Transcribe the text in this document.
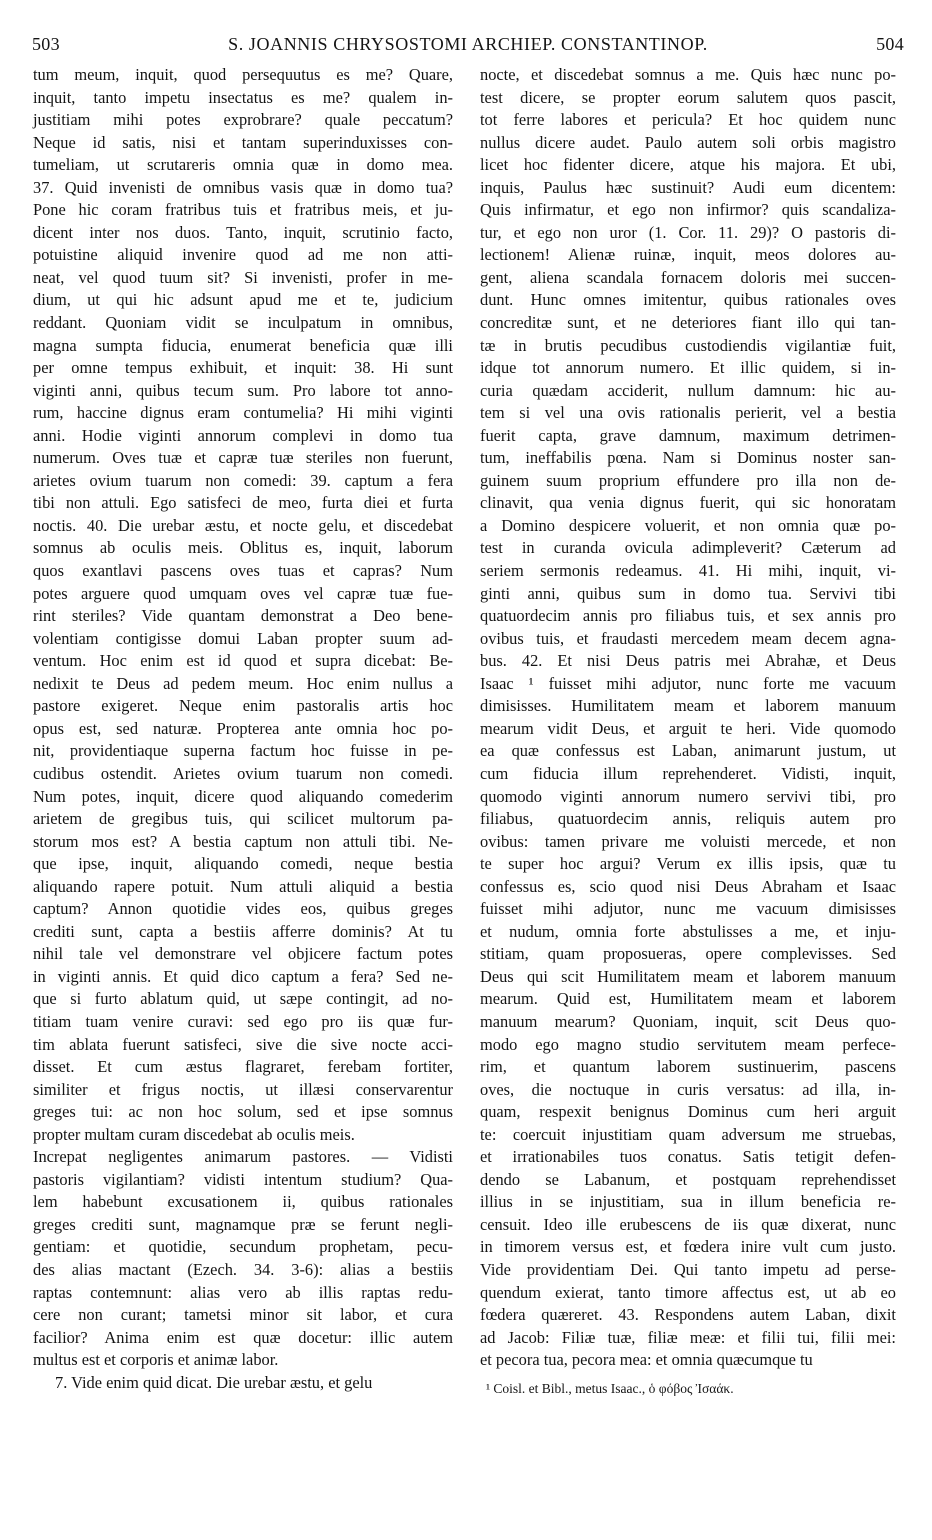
503	S. JOANNIS CHRYSOSTOMI ARCHIEP. CONSTANTINOP.	504

tum meum, inquit, quod persequutus es me? Quare,

inquit, tanto impetu insectatus es me? qualem in-

justitiam mihi potes exprobrare? quale peccatum?

Neque id satis, nisi et tantam superinduxisses con-

tumeliam, ut scrutareris omnia quæ in domo mea.

37. Quid invenisti de omnibus vasis quæ in domo tua?

Pone hic coram fratribus tuis et fratribus meis, et ju-

dicent inter nos duos. Tanto, inquit, scrutinio facto,

potuistine aliquid invenire quod ad me non atti-

neat, vel quod tuum sit? Si invenisti, profer in me-

dium, ut qui hic adsunt apud me et te, judicium

reddant. Quoniam vidit se inculpatum in omnibus,

magna sumpta fiducia, enumerat beneficia quæ illi

per omne tempus exhibuit, et inquit: 38. Hi sunt

viginti anni, quibus tecum sum. Pro labore tot anno-

rum, haccine dignus eram contumelia? Hi mihi viginti

anni. Hodie viginti annorum complevi in domo tua

numerum. Oves tuæ et capræ tuæ steriles non fuerunt,

arietes ovium tuarum non comedi: 39. captum a fera

tibi non attuli. Ego satisfeci de meo, furta diei et furta

noctis. 40. Die urebar æstu, et nocte gelu, et discedebat

somnus ab oculis meis. Oblitus es, inquit, laborum

quos exantlavi pascens oves tuas et capras? Num

potes arguere quod umquam oves vel capræ tuæ fue-

rint steriles? Vide quantam demonstrat a Deo bene-

volentiam contigisse domui Laban propter suum ad-

ventum. Hoc enim est id quod et supra dicebat: Be-

nedixit te Deus ad pedem meum. Hoc enim nullus a

pastore exigeret. Neque enim pastoralis artis hoc

opus est, sed naturæ. Propterea ante omnia hoc po-

nit, providentiaque superna factum hoc fuisse in pe-

cudibus ostendit. Arietes ovium tuarum non comedi.

Num potes, inquit, dicere quod aliquando comederim

arietem de gregibus tuis, qui scilicet multorum pa-

storum mos est? A bestia captum non attuli tibi. Ne-

que ipse, inquit, aliquando comedi, neque bestia

aliquando rapere potuit. Num attuli aliquid a bestia

captum? Annon quotidie vides eos, quibus greges

crediti sunt, capta a bestiis afferre dominis? At tu

nihil tale vel demonstrare vel objicere factum potes

in viginti annis. Et quid dico captum a fera? Sed ne-

que si furto ablatum quid, ut sæpe contingit, ad no-

titiam tuam venire curavi: sed ego pro iis quæ fur-

tim ablata fuerunt satisfeci, sive die sive nocte acci-

disset. Et cum æstus flagraret, ferebam fortiter,

similiter et frigus noctis, ut illæsi conservarentur

greges tui: ac non hoc solum, sed et ipse somnus

propter multam curam discedebat ab oculis meis.

Increpat negligentes animarum pastores. — Vidisti

pastoris vigilantiam? vidisti intentum studium? Qua-

lem habebunt excusationem ii, quibus rationales

greges crediti sunt, magnamque præ se ferunt negli-

gentiam: et quotidie, secundum prophetam, pecu-

des alias mactant (Ezech. 34. 3-6): alias a bestiis

raptas contemnunt: alias vero ab illis raptas redu-

cere non curant; tametsi minor sit labor, et cura

facilior? Anima enim est quæ docetur: illic autem

multus est et corporis et animæ labor.

7. Vide enim quid dicat. Die urebar æstu, et gelu

nocte, et discedebat somnus a me. Quis hæc nunc po-

test dicere, se propter eorum salutem quos pascit,

tot ferre labores et pericula? Et hoc quidem nunc

nullus dicere audet. Paulo autem soli orbis magistro

licet hoc fidenter dicere, atque his majora. Et ubi,

inquis, Paulus hæc sustinuit? Audi eum dicentem:

Quis infirmatur, et ego non infirmor? quis scandaliza-

tur, et ego non uror (1. Cor. 11. 29)? O pastoris di-

lectionem! Alienæ ruinæ, inquit, meos dolores au-

gent, aliena scandala fornacem doloris mei succen-

dunt. Hunc omnes imitentur, quibus rationales oves

concreditæ sunt, et ne deteriores fiant illo qui tan-

tæ in brutis pecudibus custodiendis vigilantiæ fuit,

idque tot annorum numero. Et illic quidem, si in-

curia quædam acciderit, nullum damnum: hic au-

tem si vel una ovis rationalis perierit, vel a bestia

fuerit capta, grave damnum, maximum detrimen-

tum, ineffabilis pœna. Nam si Dominus noster san-

guinem suum proprium effundere pro illa non de-

clinavit, qua venia dignus fuerit, qui sic honoratam

a Domino despicere voluerit, et non omnia quæ po-

test in curanda ovicula adimpleverit? Cæterum ad

seriem sermonis redeamus. 41. Hi mihi, inquit, vi-

ginti anni, quibus sum in domo tua. Servivi tibi

quatuordecim annis pro filiabus tuis, et sex annis pro

ovibus tuis, et fraudasti mercedem meam decem agna-

bus. 42. Et nisi Deus patris mei Abrahæ, et Deus

Isaac ¹ fuisset mihi adjutor, nunc forte me vacuum

dimisisses. Humilitatem meam et laborem manuum

mearum vidit Deus, et arguit te heri. Vide quomodo

ea quæ confessus est Laban, animarunt justum, ut

cum fiducia illum reprehenderet. Vidisti, inquit,

quomodo viginti annorum numero servivi tibi, pro

filiabus, quatuordecim annis, reliquis autem pro

ovibus: tamen privare me voluisti mercede, et non

te super hoc argui? Verum ex illis ipsis, quæ tu

confessus es, scio quod nisi Deus Abraham et Isaac

fuisset mihi adjutor, nunc me vacuum dimisisses

et nudum, omnia forte abstulisses a me, et inju-

stitiam, quam proposueras, opere complevisses. Sed

Deus qui scit Humilitatem meam et laborem manuum

mearum. Quid est, Humilitatem meam et laborem

manuum mearum? Quoniam, inquit, scit Deus quo-

modo ego magno studio servitutem meam perfece-

rim, et quantum laborem sustinuerim, pascens

oves, die noctuque in curis versatus: ad illa, in-

quam, respexit benignus Dominus cum heri arguit

te: coercuit injustitiam quam adversum me struebas,

et irrationabiles tuos conatus. Satis tetigit defen-

dendo se Labanum, et postquam reprehendisset

illius in se injustitiam, sua in illum beneficia re-

censuit. Ideo ille erubescens de iis quæ dixerat, nunc

in timorem versus est, et fœdera inire vult cum justo.

Vide providentiam Dei. Qui tanto impetu ad perse-

quendum exierat, tanto timore affectus est, ut ab eo

fœdera quæreret. 43. Respondens autem Laban, dixit

ad Jacob: Filiæ tuæ, filiæ meæ: et filii tui, filii mei:

et pecora tua, pecora mea: et omnia quæcumque tu

¹ Coisl. et Bibl., metus Isaac., ὁ φόβος Ἰσαάκ.
